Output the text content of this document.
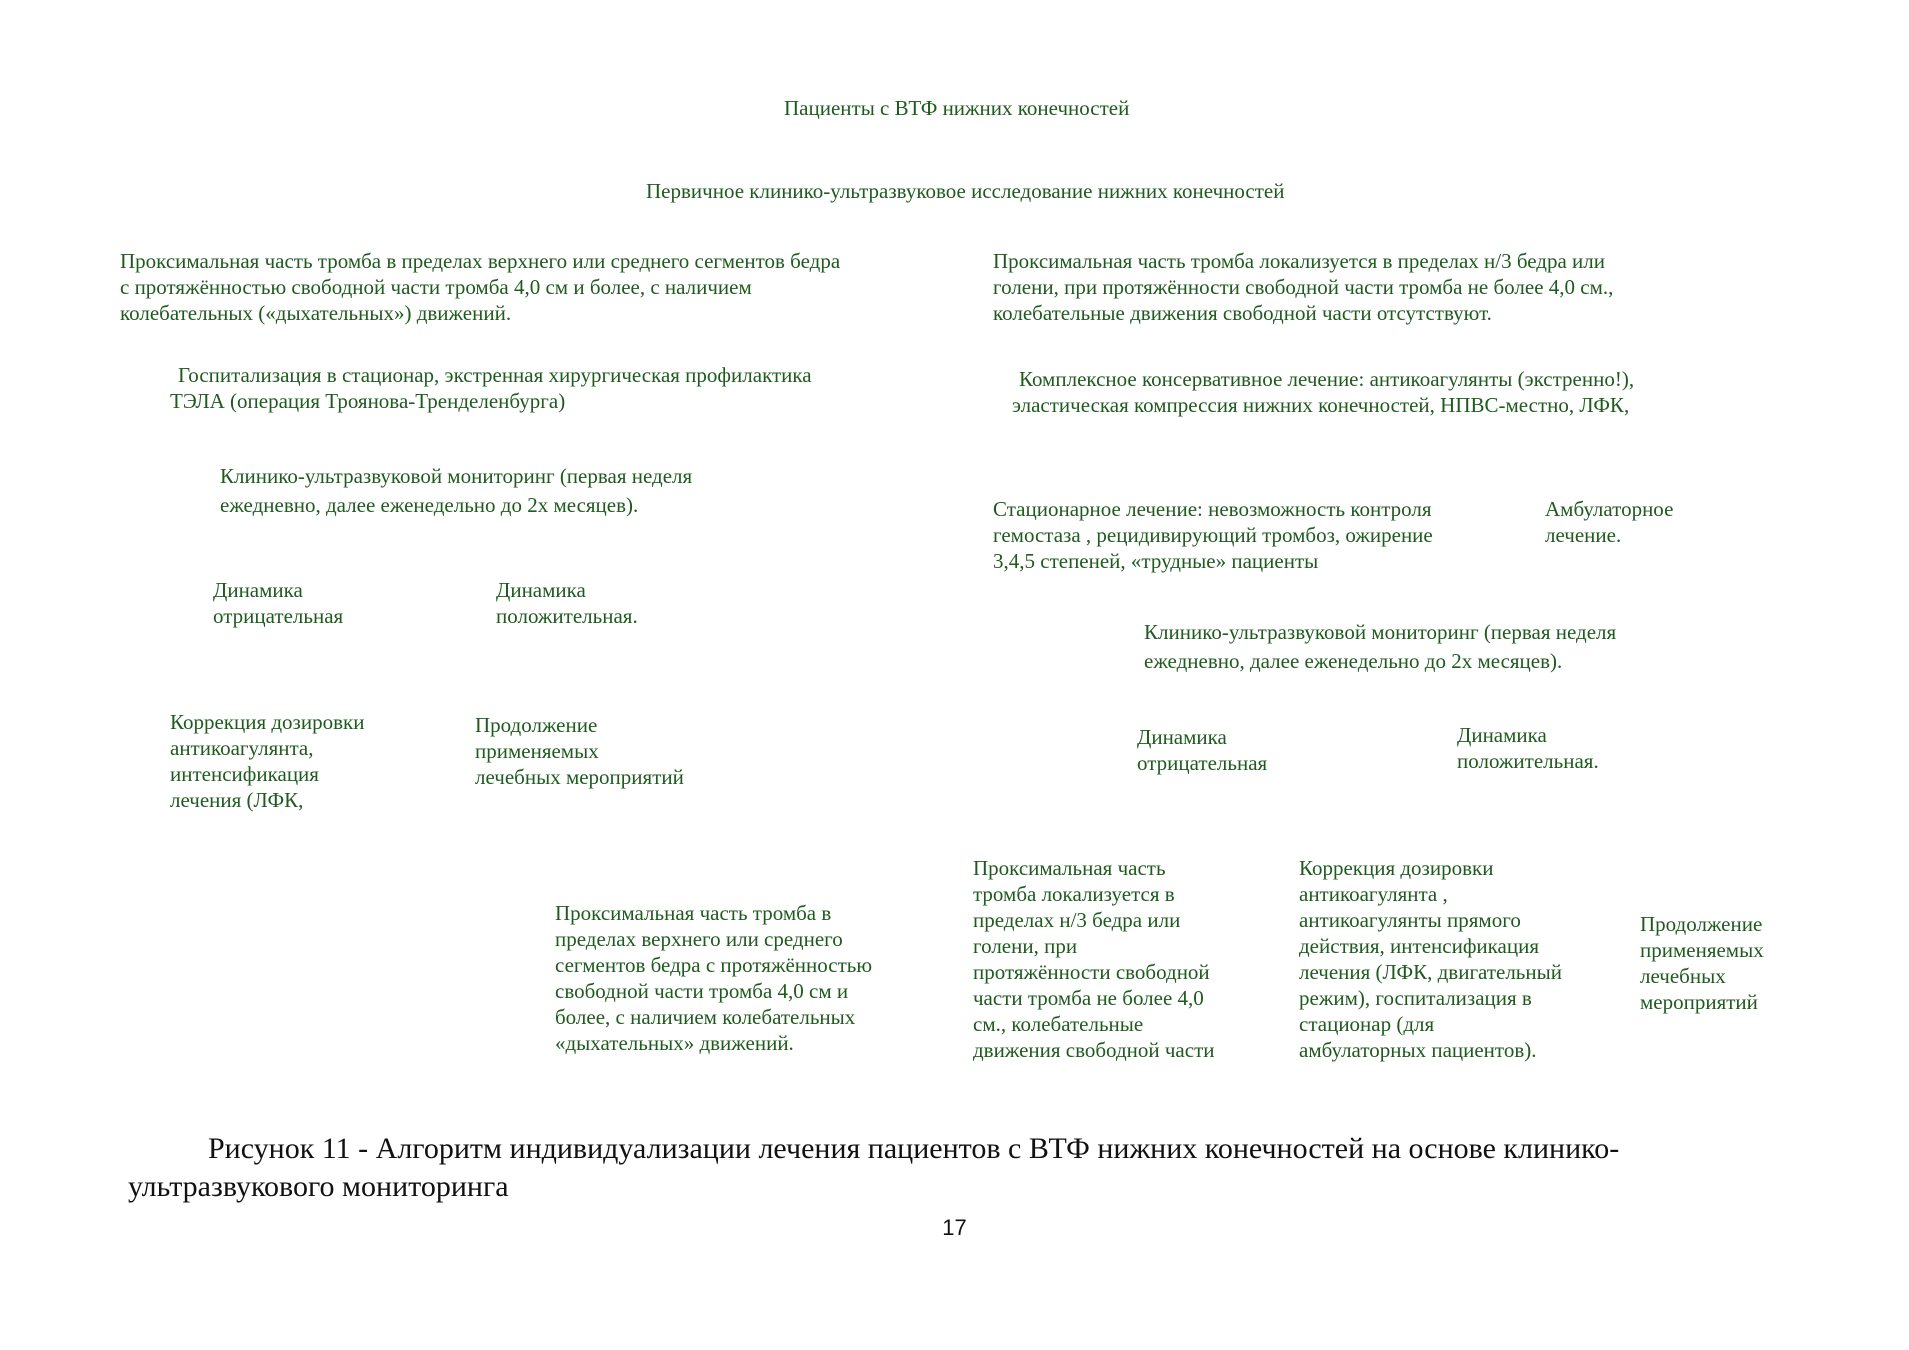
Пациенты с ВТФ нижних конечностей

Первичное клинико-ультразвуковое исследование нижних конечностей

Проксимальная часть тромба в пределах верхнего или среднего сегментов бедра
с протяжённостью свободной части тромба 4,0 см и более, с наличием
колебательных («дыхательных») движений.

Госпитализация в стационар, экстренная хирургическая профилактика
ТЭЛА (операция Троянова-Тренделенбурга)

Клинико-ультразвуковой мониторинг (первая неделя
ежедневно, далее еженедельно до 2х месяцев).

Динамика
отрицательная

Динамика
положительная.

Коррекция дозировки
антикоагулянта,
интенсификация
лечения (ЛФК,

Продолжение
применяемых
лечебных мероприятий

Проксимальная часть тромба локализуется в пределах н/3 бедра или
голени, при протяжённости свободной части тромба не более 4,0 см.,
колебательные движения свободной части отсутствуют.

Комплексное консервативное лечение: антикоагулянты (экстренно!),
эластическая компрессия нижних конечностей, НПВС-местно, ЛФК,

Стационарное лечение: невозможность контроля
гемостаза , рецидивирующий тромбоз, ожирение
3,4,5 степеней, «трудные» пациенты

Амбулаторное
лечение.

Клинико-ультразвуковой мониторинг (первая неделя
ежедневно, далее еженедельно до 2х месяцев).

Динамика
отрицательная

Динамика
положительная.

Проксимальная часть тромба в
пределах верхнего или среднего
сегментов бедра с протяжённостью
свободной части тромба 4,0 см и
более, с наличием колебательных
«дыхательных» движений.

Проксимальная часть
тромба локализуется в
пределах н/3 бедра или
голени, при
протяжённости свободной
части тромба не более 4,0
см., колебательные
движения свободной части

Коррекция дозировки
антикоагулянта ,
антикоагулянты прямого
действия, интенсификация
лечения (ЛФК, двигательный
режим), госпитализация в
стационар (для
амбулаторных пациентов).

Продолжение
применяемых
лечебных
мероприятий

Рисунок 11 - Алгоритм индивидуализации лечения пациентов с ВТФ нижних конечностей на основе клинико-ультразвукового мониторинга

17
